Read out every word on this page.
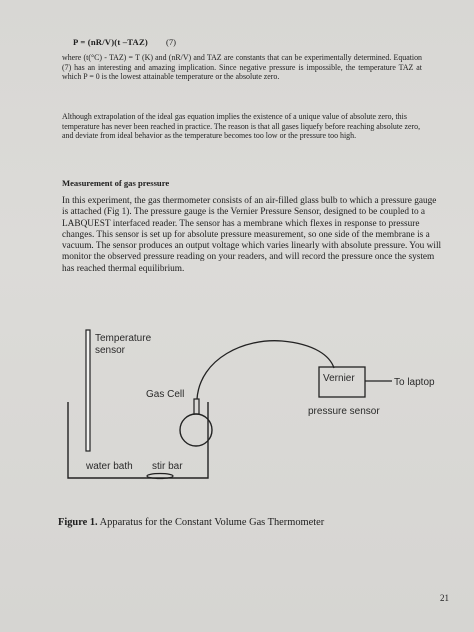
P = (nR/V)(t –TAZ) (7)
where (t(°C) - TAZ) = T (K) and (nR/V) and TAZ are constants that can be experimentally determined. Equation (7) has an interesting and amazing implication. Since negative pressure is impossible, the temperature TAZ at which P = 0 is the lowest attainable temperature or the absolute zero.
Although extrapolation of the ideal gas equation implies the existence of a unique value of absolute zero, this temperature has never been reached in practice. The reason is that all gases liquefy before reaching absolute zero, and deviate from ideal behavior as the temperature becomes too low or the pressure too high.
Measurement of gas pressure
In this experiment, the gas thermometer consists of an air-filled glass bulb to which a pressure gauge is attached (Fig 1). The pressure gauge is the Vernier Pressure Sensor, designed to be coupled to a LABQUEST interfaced reader. The sensor has a membrane which flexes in response to pressure changes. This sensor is set up for absolute pressure measurement, so one side of the membrane is a vacuum. The sensor produces an output voltage which varies linearly with absolute pressure. You will monitor the observed pressure reading on your readers, and will record the pressure once the system has reached thermal equilibrium.
Temperature
sensor
Gas Cell
Vernier	To laptop
pressure sensor
water bath stir bar
Figure 1. Apparatus for the Constant Volume Gas Thermometer
21
